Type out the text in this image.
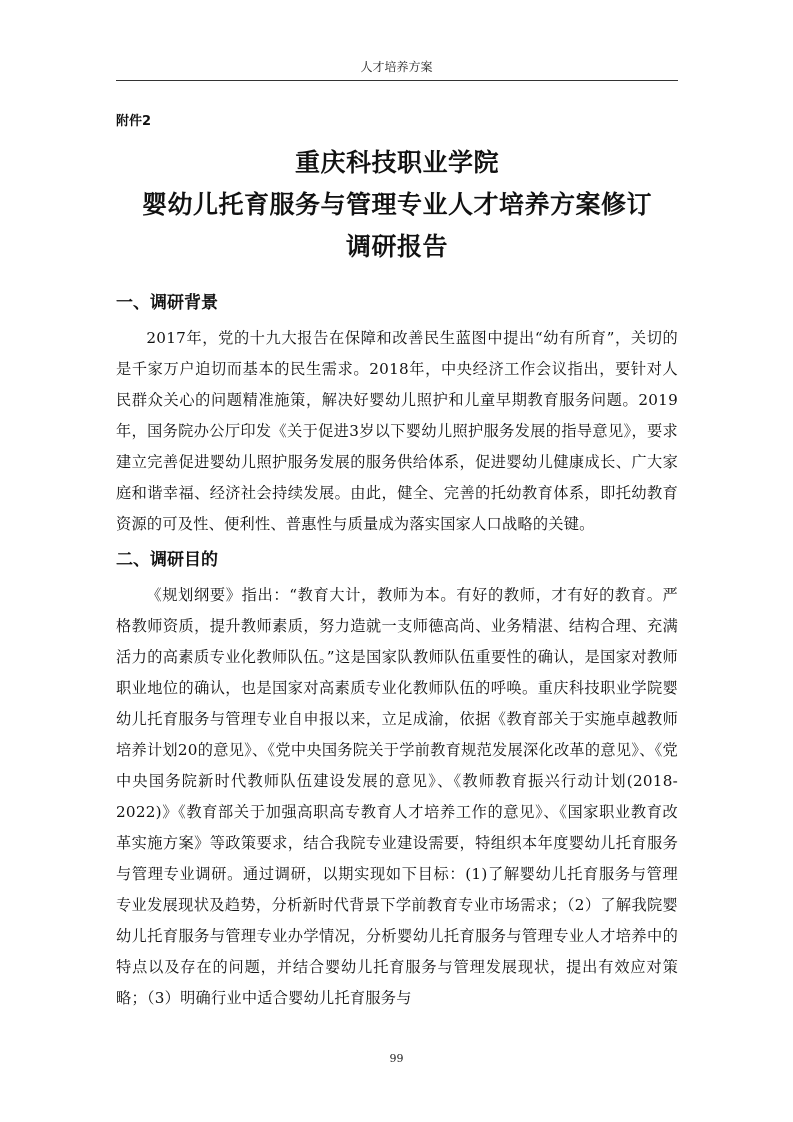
人才培养方案
附件2
重庆科技职业学院
婴幼儿托育服务与管理专业人才培养方案修订
调研报告
一、调研背景

2017年，党的十九大报告在保障和改善民生蓝图中提出“幼有所育”，关切的是千家万户迫切而基本的民生需求。2018年，中央经济工作会议指出，要针对人民群众关心的问题精准施策，解决好婴幼儿照护和儿童早期教育服务问题。2019年，国务院办公厅印发《关于促进3岁以下婴幼儿照护服务发展的指导意见》，要求建立完善促进婴幼儿照护服务发展的服务供给体系，促进婴幼儿健康成长、广大家庭和谐幸福、经济社会持续发展。由此，健全、完善的托幼教育体系，即托幼教育资源的可及性、便利性、普惠性与质量成为落实国家人口战略的关键。

二、调研目的

《规划纲要》指出：“教育大计，教师为本。有好的教师，才有好的教育。严格教师资质，提升教师素质，努力造就一支师德高尚、业务精湛、结构合理、充满活力的高素质专业化教师队伍。”这是国家队教师队伍重要性的确认，是国家对教师职业地位的确认，也是国家对高素质专业化教师队伍的呼唤。重庆科技职业学院婴幼儿托育服务与管理专业自申报以来，立足成渝，依据《教育部关于实施卓越教师培养计划20的意见》、《党中央国务院关于学前教育规范发展深化改革的意见》、《党中央国务院新时代教师队伍建设发展的意见》、《教师教育振兴行动计划(2018-2022)》《教育部关于加强高职高专教育人才培养工作的意见》、《国家职业教育改革实施方案》等政策要求，结合我院专业建设需要，特组织本年度婴幼儿托育服务与管理专业调研。通过调研，以期实现如下目标：(1)了解婴幼儿托育服务与管理专业发展现状及趋势，分析新时代背景下学前教育专业市场需求；（2）了解我院婴幼儿托育服务与管理专业办学情况，分析婴幼儿托育服务与管理专业人才培养中的特点以及存在的问题，并结合婴幼儿托育服务与管理发展现状，提出有效应对策略；（3）明确行业中适合婴幼儿托育服务与

99
